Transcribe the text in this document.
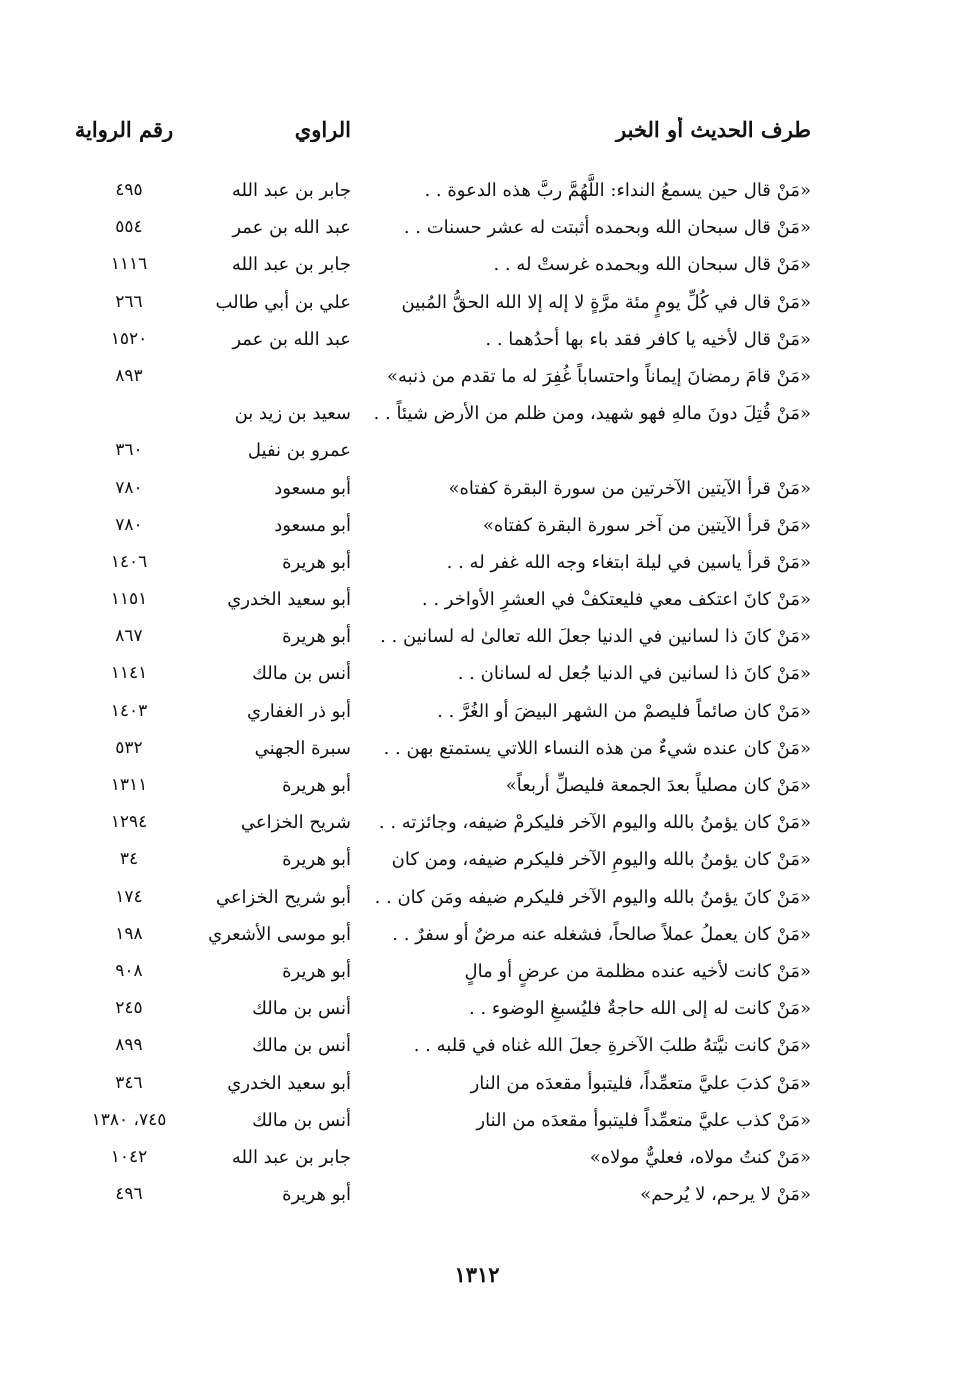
طرف الحديث أو الخبر
الراوي
رقم الرواية
«مَنْ قال حين يسمعُ النداء: اللَّهُمَّ ربَّ هذه الدعوة . .
جابر بن عبد الله
٤٩٥
«مَنْ قال سبحان الله وبحمده أثبتت له عشر حسنات . .
عبد الله بن عمر
٥٥٤
«مَنْ قال سبحان الله وبحمده غرستْ له . .
جابر بن عبد الله
١١١٦
«مَنْ قال في كُلِّ يومٍ مئة مرَّةٍ لا إله إلا الله الحقُّ المُبين
علي بن أبي طالب
٢٦٦
«مَنْ قال لأخيه يا كافر فقد باء بها أحدُهما . .
عبد الله بن عمر
١٥٢٠
«مَنْ قامَ رمضانَ إيماناً واحتساباً غُفِرَ له ما تقدم من ذنبه»
٨٩٣
«مَنْ قُتِلَ دونَ مالهِ فهو شهيد، ومن ظلم من الأرض شيئاً . .
سعيد بن زيد بن
عمرو بن نفيل
٣٦٠
«مَنْ قرأ الآيتين الآخرتين من سورة البقرة كفتاه»
أبو مسعود
٧٨٠
«مَنْ قرأ الآيتين من آخر سورة البقرة كفتاه»
أبو مسعود
٧٨٠
«مَنْ قرأ ياسين في ليلة ابتغاء وجه الله غفر له . .
أبو هريرة
١٤٠٦
«مَنْ كانَ اعتكف معي فليعتكفْ في العشرِ الأواخر . .
أبو سعيد الخدري
١١٥١
«مَنْ كانَ ذا لسانين في الدنيا جعلَ الله تعالىٰ له لسانين . .
أبو هريرة
٨٦٧
«مَنْ كانَ ذا لسانين في الدنيا جُعل له لسانان . .
أنس بن مالك
١١٤١
«مَنْ كان صائماً فليصمْ من الشهر البيضَ أو الغُرَّ . .
أبو ذر الغفاري
١٤٠٣
«مَنْ كان عنده شيءٌ من هذه النساء اللاتي يستمتع بهن . .
سبرة الجهني
٥٣٢
«مَنْ كان مصلياً بعدَ الجمعة فليصلِّ أربعاً»
أبو هريرة
١٣١١
«مَنْ كان يؤمنُ بالله واليوم الآخر فليكرمْ ضيفه، وجائزته . .
شريح الخزاعي
١٢٩٤
«مَنْ كان يؤمنُ بالله واليومِ الآخر فليكرم ضيفه، ومن كان
أبو هريرة
٣٤
«مَنْ كانَ يؤمنُ بالله واليوم الآخر فليكرم ضيفه ومَن كان . .
أبو شريح الخزاعي
١٧٤
«مَنْ كان يعملُ عملاً صالحاً، فشغله عنه مرضٌ أو سفرٌ . .
أبو موسى الأشعري
١٩٨
«مَنْ كانت لأخيه عنده مظلمة من عرضٍ أو مالٍ
أبو هريرة
٩٠٨
«مَنْ كانت له إلى الله حاجةٌ فليُسبغِ الوضوء . .
أنس بن مالك
٢٤٥
«مَنْ كانت نيَّتهُ طلبَ الآخرةِ جعلَ الله غناه في قلبه . .
أنس بن مالك
٨٩٩
«مَنْ كذبَ عليَّ متعمِّداً، فليتبوأ مقعدَه من النار
أبو سعيد الخدري
٣٤٦
«مَنْ كذب عليَّ متعمِّداً فليتبوأ مقعدَه من النار
أنس بن مالك
٧٤٥، ١٣٨٠
«مَنْ كنتُ مولاه، فعليٌّ مولاه»
جابر بن عبد الله
١٠٤٢
«مَنْ لا يرحم، لا يُرحم»
أبو هريرة
٤٩٦
١٣١٢
